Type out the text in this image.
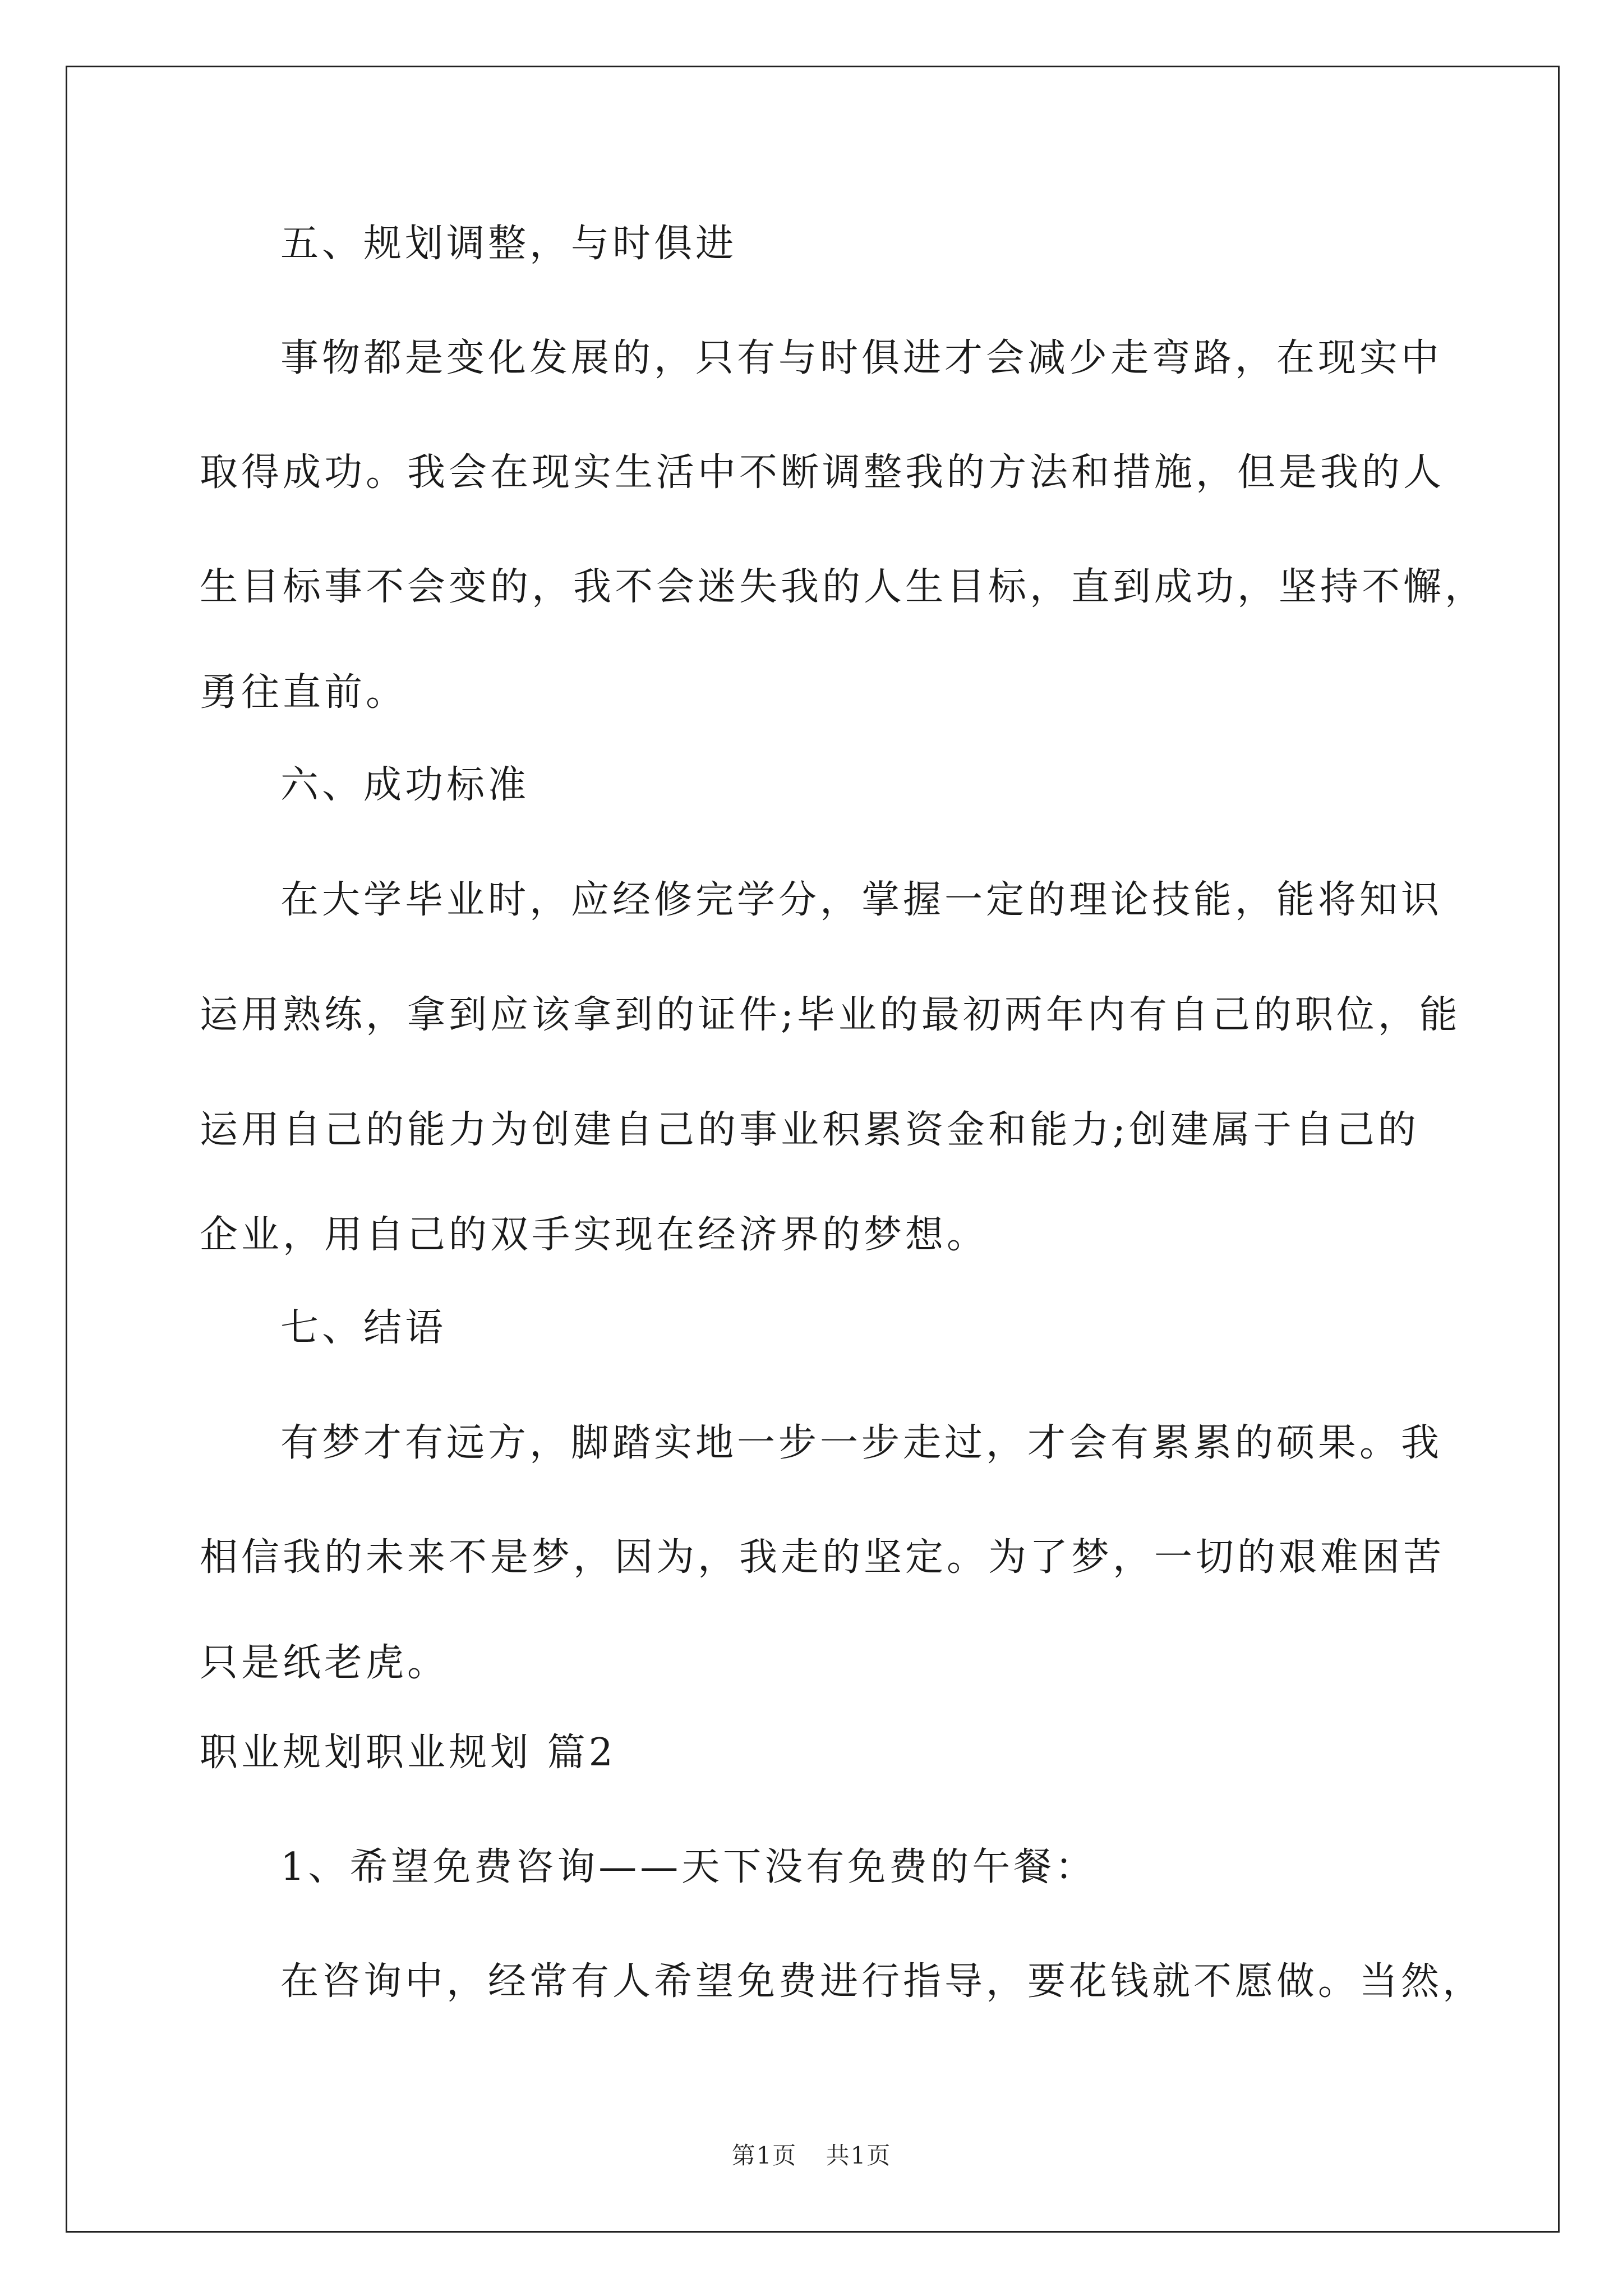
五、规划调整，与时俱进
事物都是变化发展的，只有与时俱进才会减少走弯路，在现实中
取得成功。我会在现实生活中不断调整我的方法和措施，但是我的人
生目标事不会变的，我不会迷失我的人生目标，直到成功，坚持不懈，
勇往直前。
六、成功标准
在大学毕业时，应经修完学分，掌握一定的理论技能，能将知识
运用熟练，拿到应该拿到的证件;毕业的最初两年内有自己的职位，能
运用自己的能力为创建自己的事业积累资金和能力;创建属于自己的
企业，用自己的双手实现在经济界的梦想。
七、结语
有梦才有远方，脚踏实地一步一步走过，才会有累累的硕果。我
相信我的未来不是梦，因为，我走的坚定。为了梦，一切的艰难困苦
只是纸老虎。
职业规划职业规划 篇2
1、希望免费咨询——天下没有免费的午餐：
在咨询中，经常有人希望免费进行指导，要花钱就不愿做。当然，
第1页 共1页
